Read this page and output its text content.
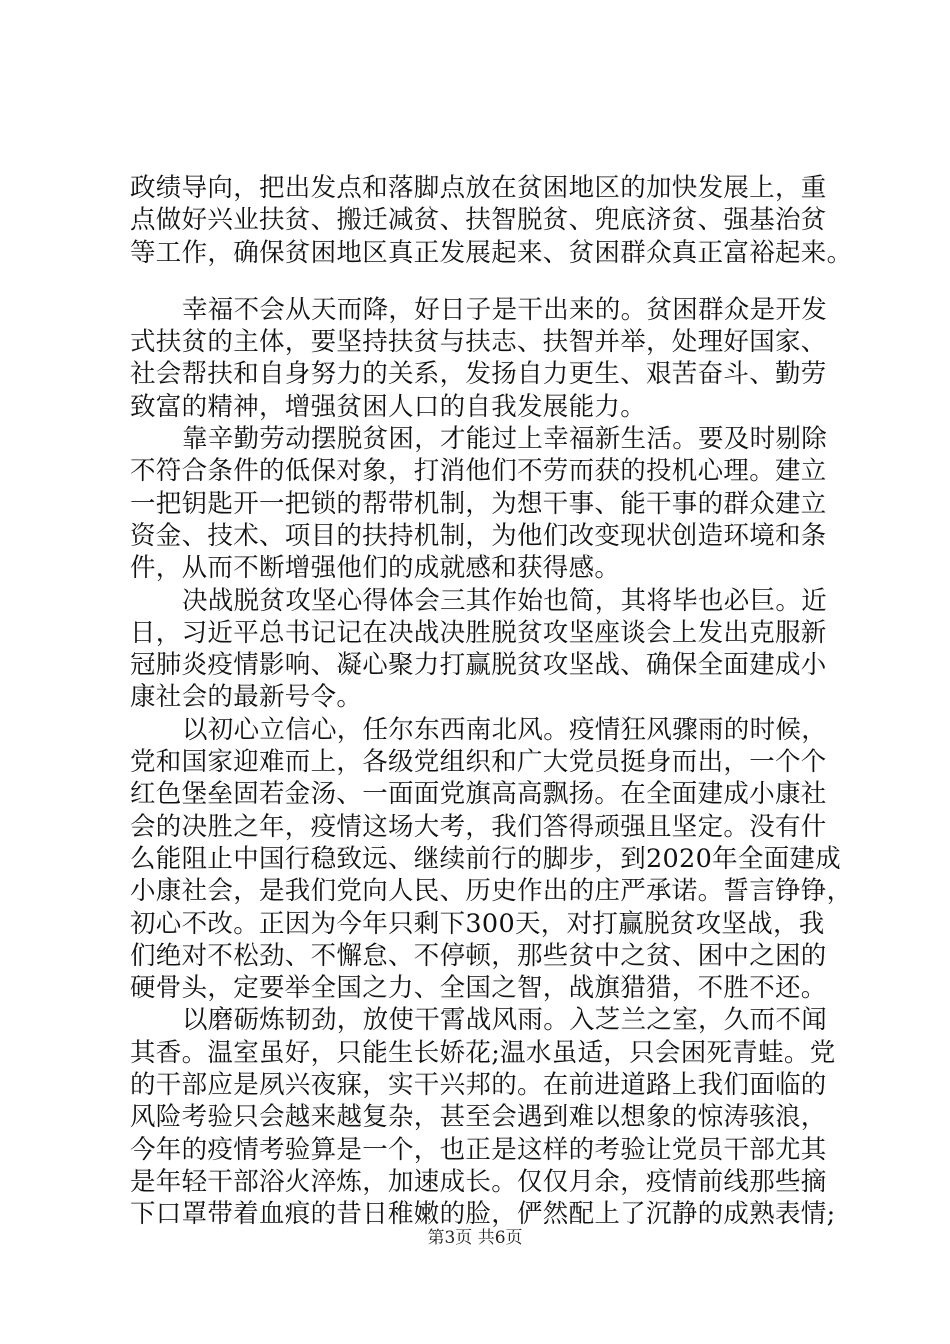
政绩导向，把出发点和落脚点放在贫困地区的加快发展上，重
点做好兴业扶贫、搬迁减贫、扶智脱贫、兜底济贫、强基治贫
等工作，确保贫困地区真正发展起来、贫困群众真正富裕起来。
幸福不会从天而降，好日子是干出来的。贫困群众是开发
式扶贫的主体，要坚持扶贫与扶志、扶智并举，处理好国家、
社会帮扶和自身努力的关系，发扬自力更生、艰苦奋斗、勤劳
致富的精神，增强贫困人口的自我发展能力。
靠辛勤劳动摆脱贫困，才能过上幸福新生活。要及时剔除
不符合条件的低保对象，打消他们不劳而获的投机心理。建立
一把钥匙开一把锁的帮带机制，为想干事、能干事的群众建立
资金、技术、项目的扶持机制，为他们改变现状创造环境和条
件，从而不断增强他们的成就感和获得感。
决战脱贫攻坚心得体会三其作始也简，其将毕也必巨。近
日，习近平总书记记在决战决胜脱贫攻坚座谈会上发出克服新
冠肺炎疫情影响、凝心聚力打赢脱贫攻坚战、确保全面建成小
康社会的最新号令。
以初心立信心，任尔东西南北风。疫情狂风骤雨的时候，
党和国家迎难而上，各级党组织和广大党员挺身而出，一个个
红色堡垒固若金汤、一面面党旗高高飘扬。在全面建成小康社
会的决胜之年，疫情这场大考，我们答得顽强且坚定。没有什
么能阻止中国行稳致远、继续前行的脚步，到2020年全面建成
小康社会，是我们党向人民、历史作出的庄严承诺。誓言铮铮，
初心不改。正因为今年只剩下300天，对打赢脱贫攻坚战，我
们绝对不松劲、不懈怠、不停顿，那些贫中之贫、困中之困的
硬骨头，定要举全国之力、全国之智，战旗猎猎，不胜不还。
以磨砺炼韧劲，放使干霄战风雨。入芝兰之室，久而不闻
其香。温室虽好，只能生长娇花;温水虽适，只会困死青蛙。党
的干部应是夙兴夜寐，实干兴邦的。在前进道路上我们面临的
风险考验只会越来越复杂，甚至会遇到难以想象的惊涛骇浪，
今年的疫情考验算是一个，也正是这样的考验让党员干部尤其
是年轻干部浴火淬炼，加速成长。仅仅月余，疫情前线那些摘
下口罩带着血痕的昔日稚嫩的脸，俨然配上了沉静的成熟表情;
第3页 共6页
